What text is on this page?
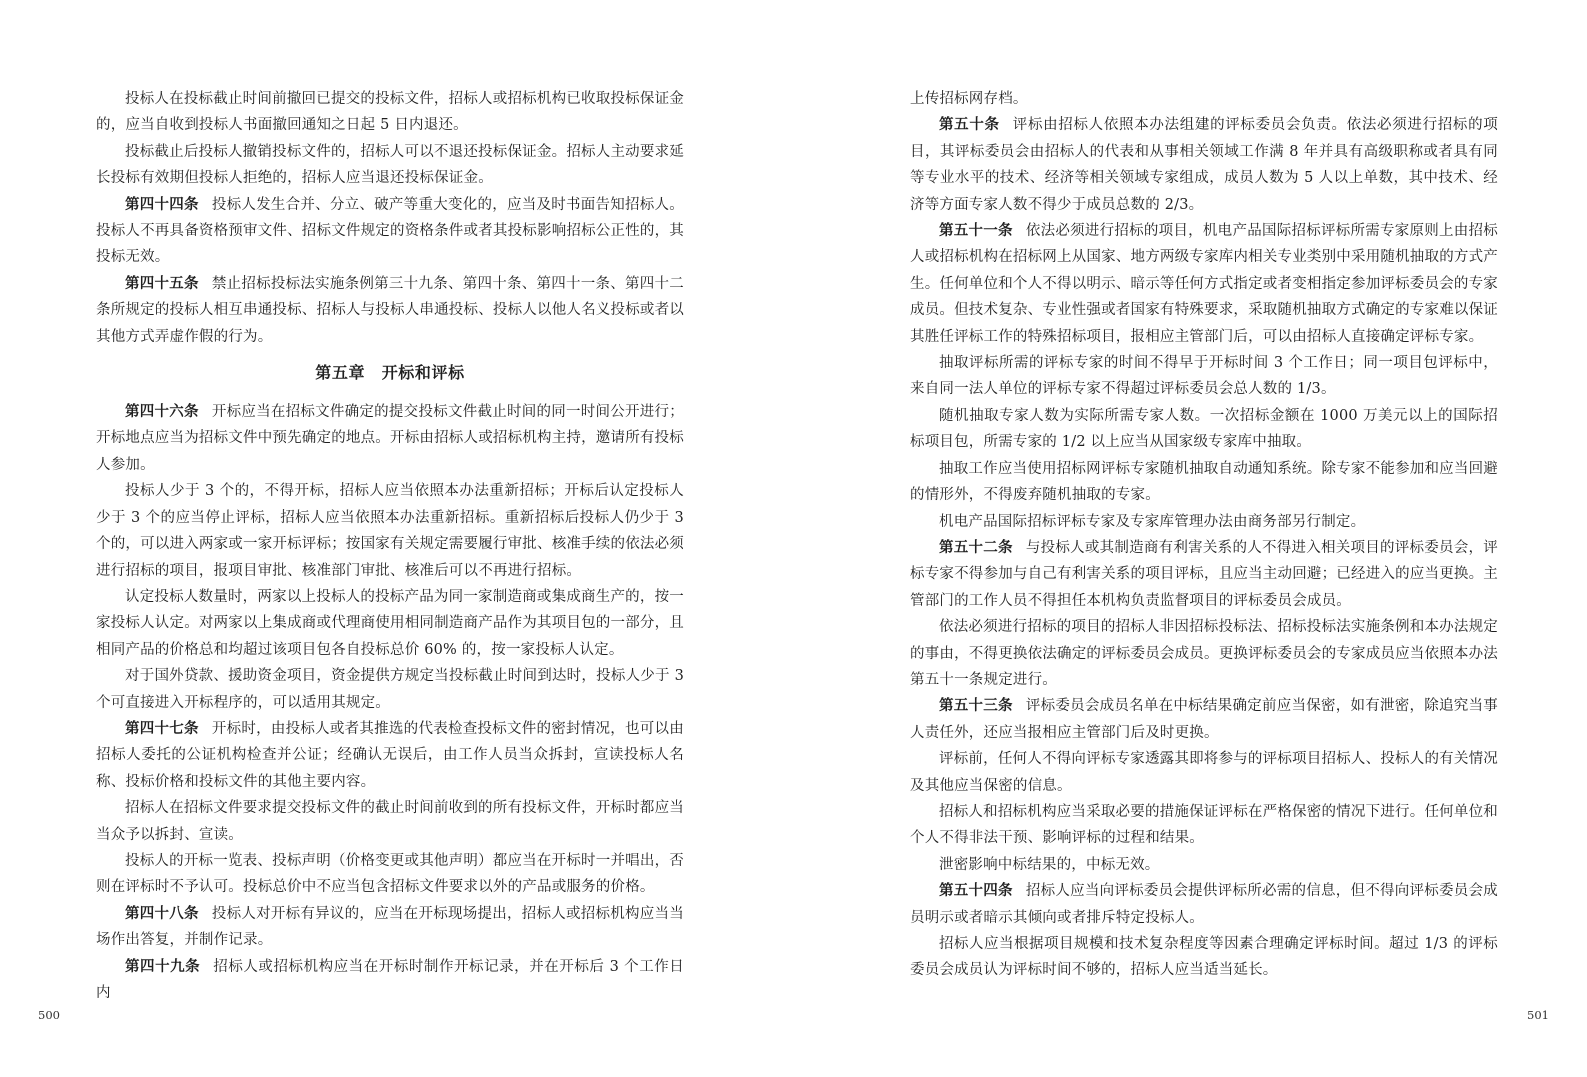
投标人在投标截止时间前撤回已提交的投标文件，招标人或招标机构已收取投标保证金的，应当自收到投标人书面撤回通知之日起 5 日内退还。

投标截止后投标人撤销投标文件的，招标人可以不退还投标保证金。招标人主动要求延长投标有效期但投标人拒绝的，招标人应当退还投标保证金。

第四十四条 投标人发生合并、分立、破产等重大变化的，应当及时书面告知招标人。投标人不再具备资格预审文件、招标文件规定的资格条件或者其投标影响招标公正性的，其投标无效。

第四十五条 禁止招标投标法实施条例第三十九条、第四十条、第四十一条、第四十二条所规定的投标人相互串通投标、招标人与投标人串通投标、投标人以他人名义投标或者以其他方式弄虚作假的行为。

第五章　开标和评标

第四十六条 开标应当在招标文件确定的提交投标文件截止时间的同一时间公开进行；开标地点应当为招标文件中预先确定的地点。开标由招标人或招标机构主持，邀请所有投标人参加。

投标人少于 3 个的，不得开标，招标人应当依照本办法重新招标；开标后认定投标人少于 3 个的应当停止评标，招标人应当依照本办法重新招标。重新招标后投标人仍少于 3 个的，可以进入两家或一家开标评标；按国家有关规定需要履行审批、核准手续的依法必须进行招标的项目，报项目审批、核准部门审批、核准后可以不再进行招标。

认定投标人数量时，两家以上投标人的投标产品为同一家制造商或集成商生产的，按一家投标人认定。对两家以上集成商或代理商使用相同制造商产品作为其项目包的一部分，且相同产品的价格总和均超过该项目包各自投标总价 60% 的，按一家投标人认定。

对于国外贷款、援助资金项目，资金提供方规定当投标截止时间到达时，投标人少于 3 个可直接进入开标程序的，可以适用其规定。

第四十七条 开标时，由投标人或者其推选的代表检查投标文件的密封情况，也可以由招标人委托的公证机构检查并公证；经确认无误后，由工作人员当众拆封，宣读投标人名称、投标价格和投标文件的其他主要内容。

招标人在招标文件要求提交投标文件的截止时间前收到的所有投标文件，开标时都应当当众予以拆封、宣读。

投标人的开标一览表、投标声明（价格变更或其他声明）都应当在开标时一并唱出，否则在评标时不予认可。投标总价中不应当包含招标文件要求以外的产品或服务的价格。

第四十八条 投标人对开标有异议的，应当在开标现场提出，招标人或招标机构应当当场作出答复，并制作记录。

第四十九条 招标人或招标机构应当在开标时制作开标记录，并在开标后 3 个工作日内

500

上传招标网存档。

第五十条 评标由招标人依照本办法组建的评标委员会负责。依法必须进行招标的项目，其评标委员会由招标人的代表和从事相关领域工作满 8 年并具有高级职称或者具有同等专业水平的技术、经济等相关领域专家组成，成员人数为 5 人以上单数，其中技术、经济等方面专家人数不得少于成员总数的 2/3。

第五十一条 依法必须进行招标的项目，机电产品国际招标评标所需专家原则上由招标人或招标机构在招标网上从国家、地方两级专家库内相关专业类别中采用随机抽取的方式产生。任何单位和个人不得以明示、暗示等任何方式指定或者变相指定参加评标委员会的专家成员。但技术复杂、专业性强或者国家有特殊要求，采取随机抽取方式确定的专家难以保证其胜任评标工作的特殊招标项目，报相应主管部门后，可以由招标人直接确定评标专家。

抽取评标所需的评标专家的时间不得早于开标时间 3 个工作日；同一项目包评标中，来自同一法人单位的评标专家不得超过评标委员会总人数的 1/3。

随机抽取专家人数为实际所需专家人数。一次招标金额在 1000 万美元以上的国际招标项目包，所需专家的 1/2 以上应当从国家级专家库中抽取。

抽取工作应当使用招标网评标专家随机抽取自动通知系统。除专家不能参加和应当回避的情形外，不得废弃随机抽取的专家。

机电产品国际招标评标专家及专家库管理办法由商务部另行制定。

第五十二条 与投标人或其制造商有利害关系的人不得进入相关项目的评标委员会，评标专家不得参加与自己有利害关系的项目评标，且应当主动回避；已经进入的应当更换。主管部门的工作人员不得担任本机构负责监督项目的评标委员会成员。

依法必须进行招标的项目的招标人非因招标投标法、招标投标法实施条例和本办法规定的事由，不得更换依法确定的评标委员会成员。更换评标委员会的专家成员应当依照本办法第五十一条规定进行。

第五十三条 评标委员会成员名单在中标结果确定前应当保密，如有泄密，除追究当事人责任外，还应当报相应主管部门后及时更换。

评标前，任何人不得向评标专家透露其即将参与的评标项目招标人、投标人的有关情况及其他应当保密的信息。

招标人和招标机构应当采取必要的措施保证评标在严格保密的情况下进行。任何单位和个人不得非法干预、影响评标的过程和结果。

泄密影响中标结果的，中标无效。

第五十四条 招标人应当向评标委员会提供评标所必需的信息，但不得向评标委员会成员明示或者暗示其倾向或者排斥特定投标人。

招标人应当根据项目规模和技术复杂程度等因素合理确定评标时间。超过 1/3 的评标委员会成员认为评标时间不够的，招标人应当适当延长。

501
